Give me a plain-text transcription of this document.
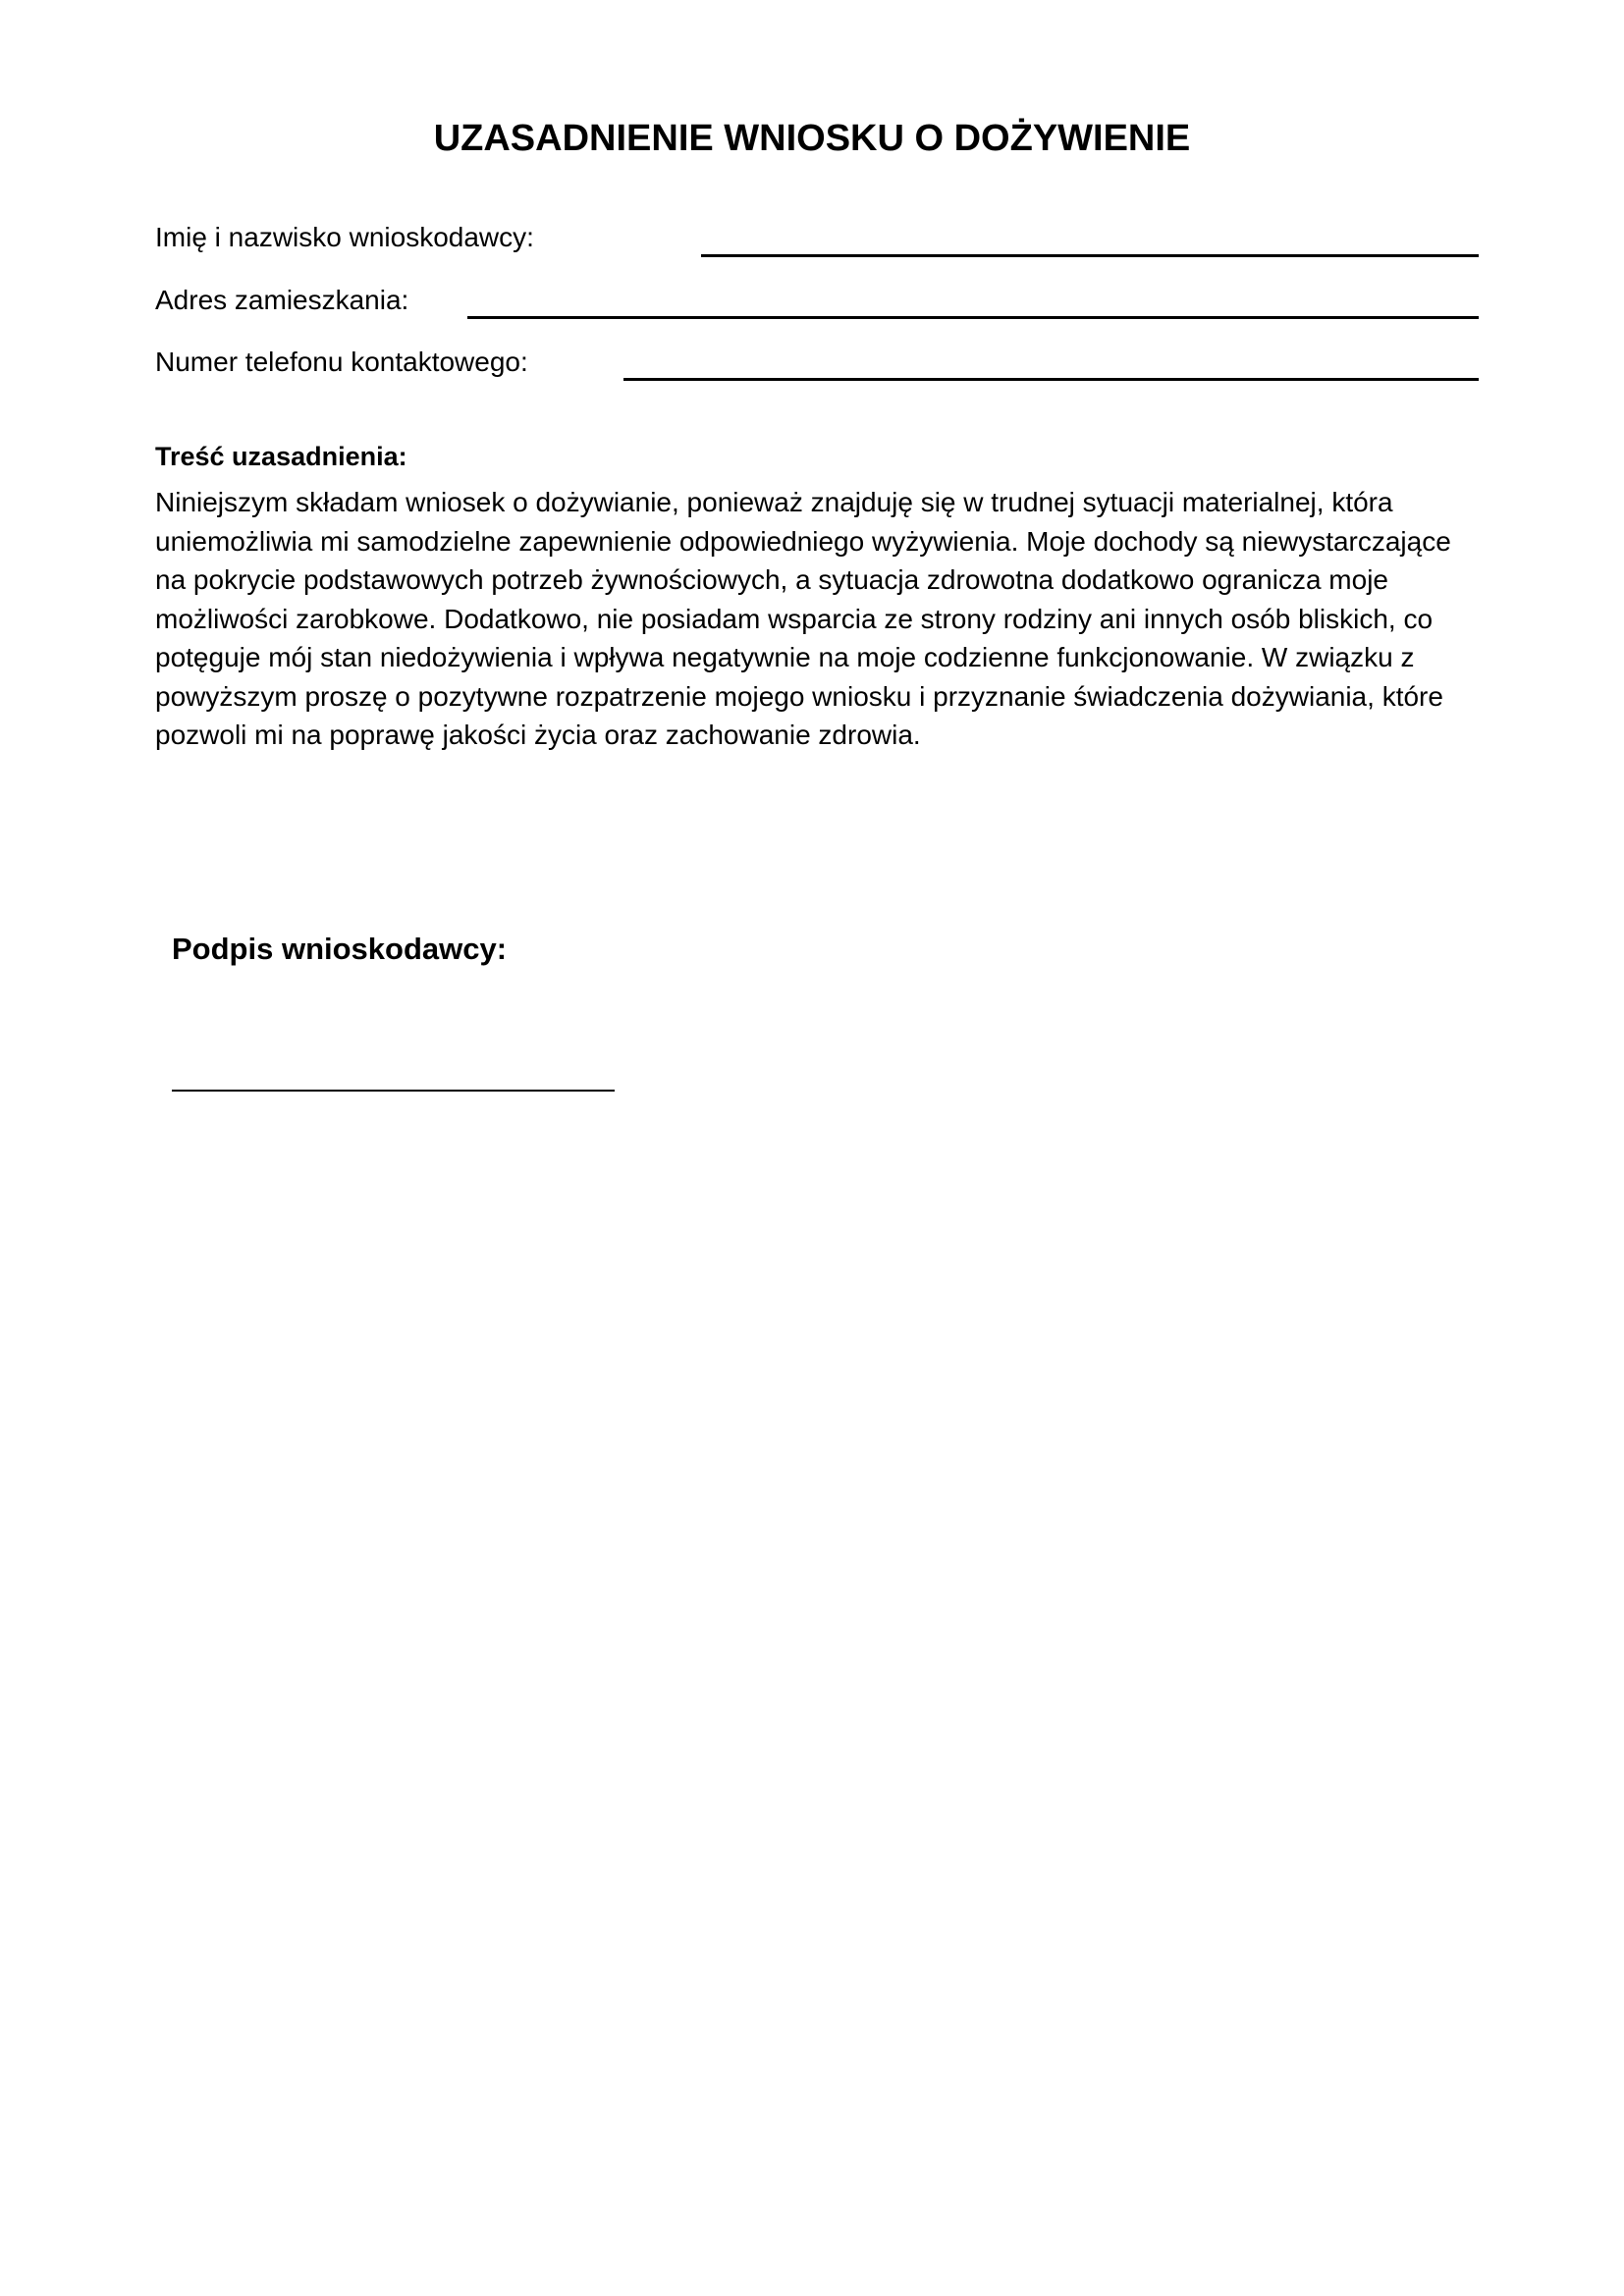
UZASADNIENIE WNIOSKU O DOŻYWIENIE
Imię i nazwisko wnioskodawcy:
Adres zamieszkania:
Numer telefonu kontaktowego:
Treść uzasadnienia:

Niniejszym składam wniosek o dożywianie, ponieważ znajduję się w trudnej sytuacji materialnej, która uniemożliwia mi samodzielne zapewnienie odpowiedniego wyżywienia. Moje dochody są niewystarczające na pokrycie podstawowych potrzeb żywnościowych, a sytuacja zdrowotna dodatkowo ogranicza moje możliwości zarobkowe. Dodatkowo, nie posiadam wsparcia ze strony rodziny ani innych osób bliskich, co potęguje mój stan niedożywienia i wpływa negatywnie na moje codzienne funkcjonowanie. W związku z powyższym proszę o pozytywne rozpatrzenie mojego wniosku i przyznanie świadczenia dożywiania, które pozwoli mi na poprawę jakości życia oraz zachowanie zdrowia.

Podpis wnioskodawcy:
